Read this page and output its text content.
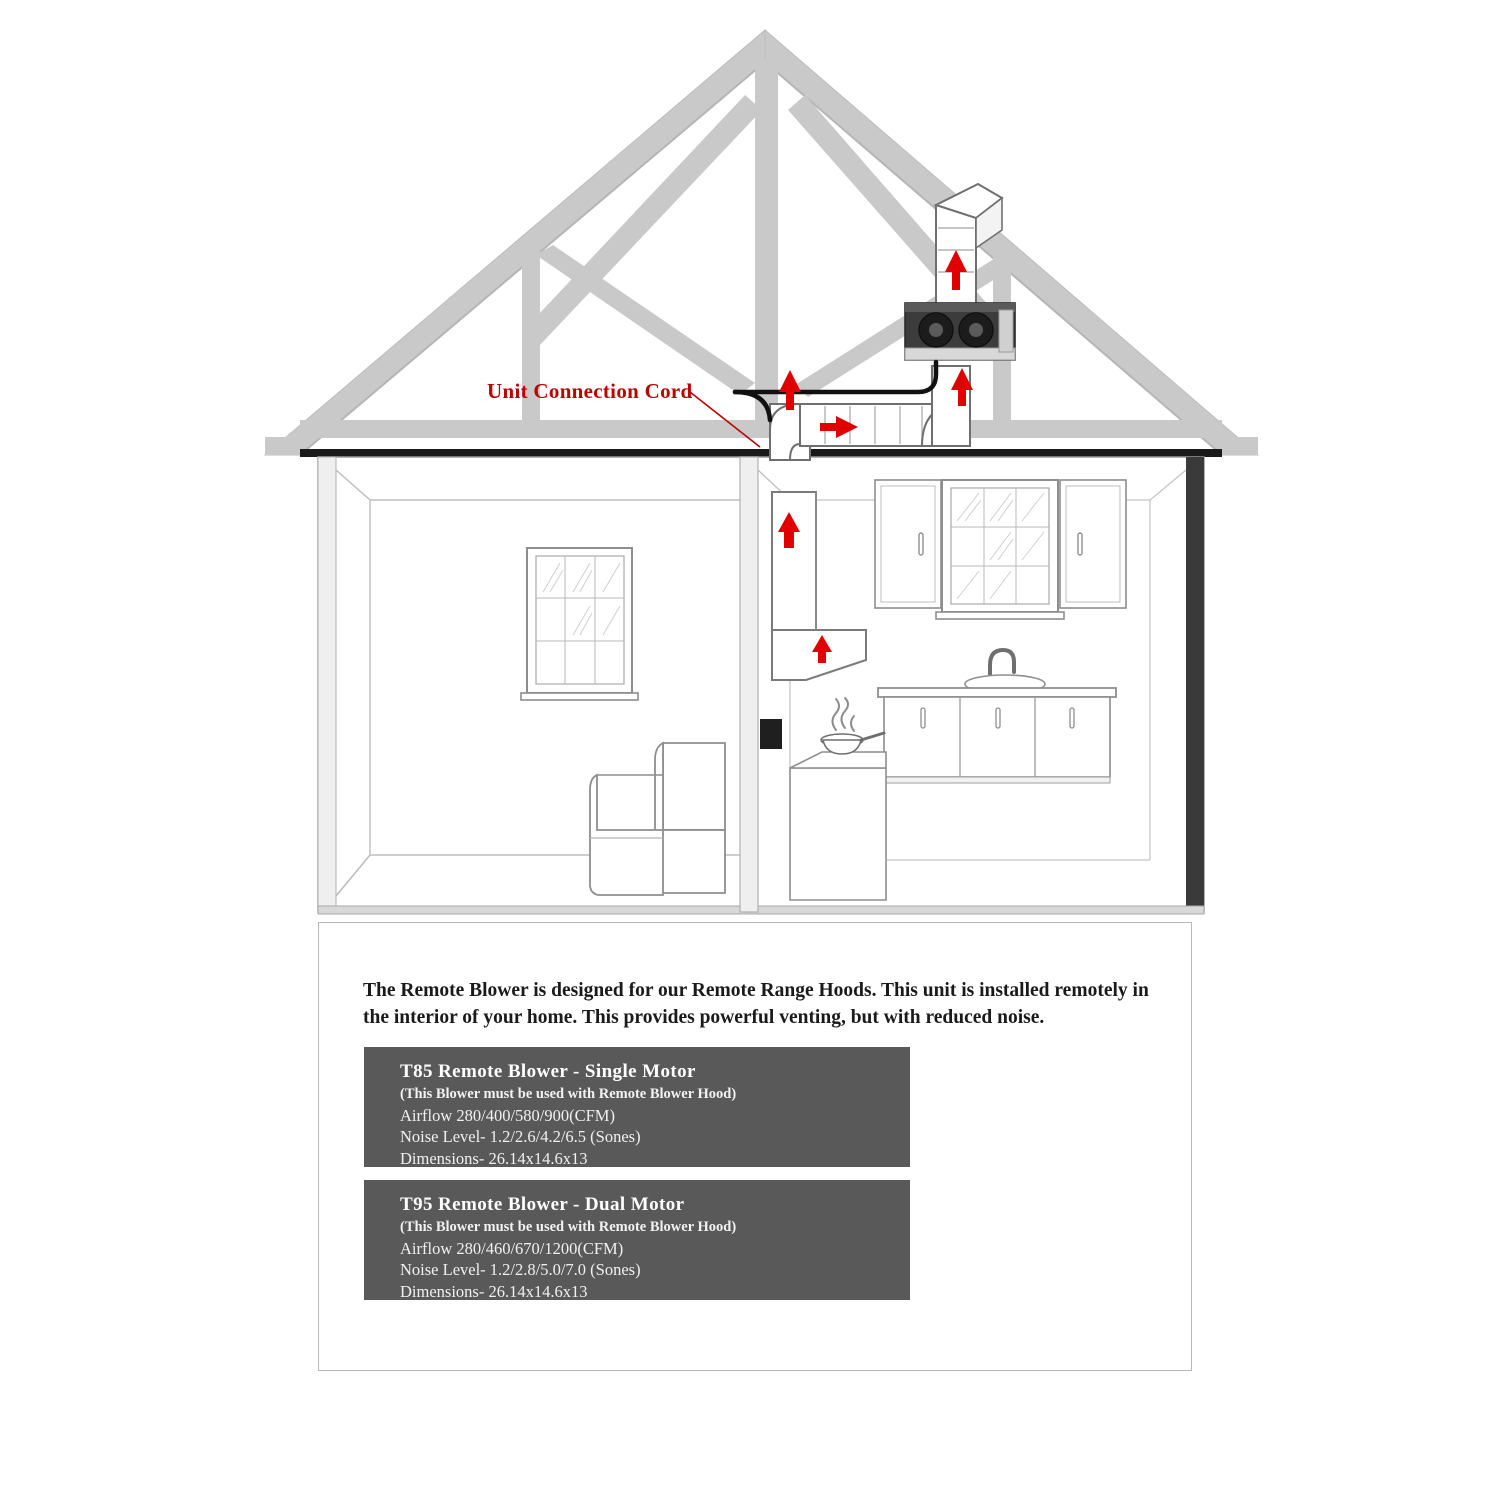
Unit Connection Cord

The Remote Blower is designed for our Remote Range Hoods. This unit is installed remotely in the interior of your home. This provides powerful venting, but with reduced noise.

T85 Remote Blower - Single Motor

(This Blower must be used with Remote Blower Hood)

Airflow 280/400/580/900(CFM)

Noise Level- 1.2/2.6/4.2/6.5 (Sones)

Dimensions- 26.14x14.6x13

T95 Remote Blower - Dual Motor

(This Blower must be used with Remote Blower Hood)

Airflow 280/460/670/1200(CFM)

Noise Level- 1.2/2.8/5.0/7.0 (Sones)

Dimensions- 26.14x14.6x13
